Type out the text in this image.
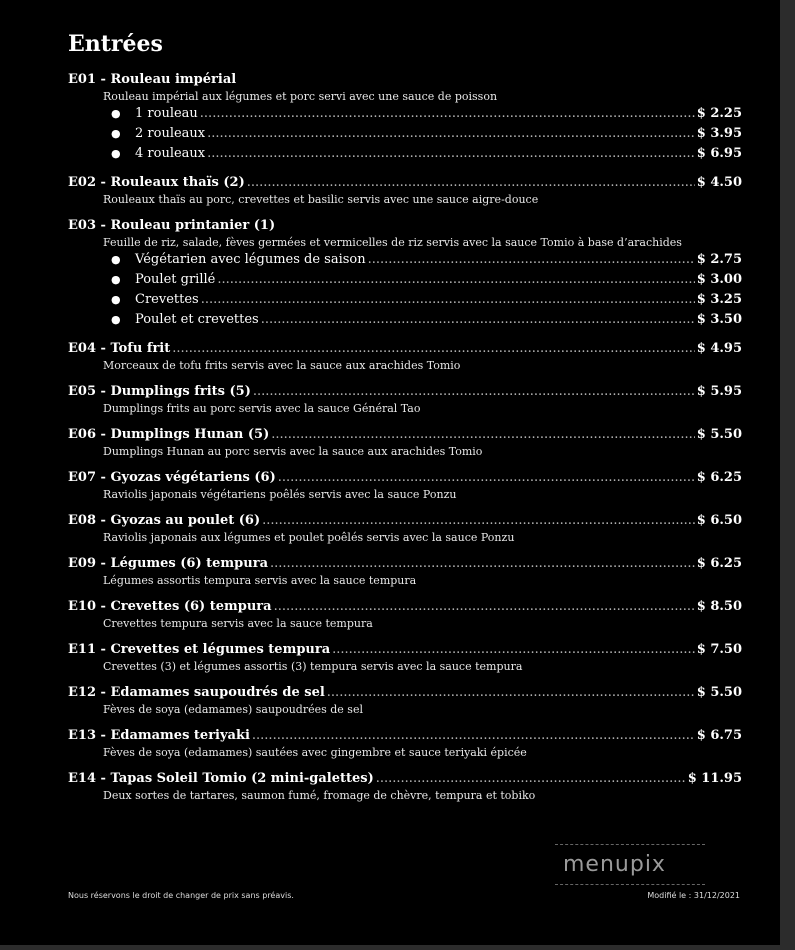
Entrées
E01 - Rouleau impérial
Rouleau impérial aux légumes et porc servi avec une sauce de poisson
●	1 rouleau .....	$ 2.25
●	2 rouleaux .....	$ 3.95
●	4 rouleaux .....	$ 6.95
E02 - Rouleaux thaïs (2) .....	$ 4.50
Rouleaux thaïs au porc, crevettes et basilic servis avec une sauce aigre-douce
E03 - Rouleau printanier (1)
Feuille de riz, salade, fèves germées et vermicelles de riz servis avec la sauce Tomio à base d’arachides
●	Végétarien avec légumes de saison .....	$ 2.75
●	Poulet grillé .....	$ 3.00
●	Crevettes .....	$ 3.25
●	Poulet et crevettes .....	$ 3.50
E04 - Tofu frit .....	$ 4.95
Morceaux de tofu frits servis avec la sauce aux arachides Tomio
E05 - Dumplings frits (5) .....	$ 5.95
Dumplings frits au porc servis avec la sauce Général Tao
E06 - Dumplings Hunan (5) .....	$ 5.50
Dumplings Hunan au porc servis avec la sauce aux arachides Tomio
E07 - Gyozas végétariens (6) .....	$ 6.25
Raviolis japonais végétariens poêlés servis avec la sauce Ponzu
E08 - Gyozas au poulet (6) .....	$ 6.50
Raviolis japonais aux légumes et poulet poêlés servis avec la sauce Ponzu
E09 - Légumes (6) tempura .....	$ 6.25
Légumes assortis tempura servis avec la sauce tempura
E10 - Crevettes (6) tempura .....	$ 8.50
Crevettes tempura servis avec la sauce tempura
E11 - Crevettes et légumes tempura .....	$ 7.50
Crevettes (3) et légumes assortis (3) tempura servis avec la sauce tempura
E12 - Edamames saupoudrés de sel .....	$ 5.50
Fèves de soya (edamames) saupoudrées de sel
E13 - Edamames teriyaki .....	$ 6.75
Fèves de soya (edamames) sautées avec gingembre et sauce teriyaki épicée
E14 - Tapas Soleil Tomio (2 mini-galettes) .....	$ 11.95
Deux sortes de tartares, saumon fumé, fromage de chèvre, tempura et tobiko
menupix
Nous réservons le droit de changer de prix sans préavis.	Modifié le : 31/12/2021
